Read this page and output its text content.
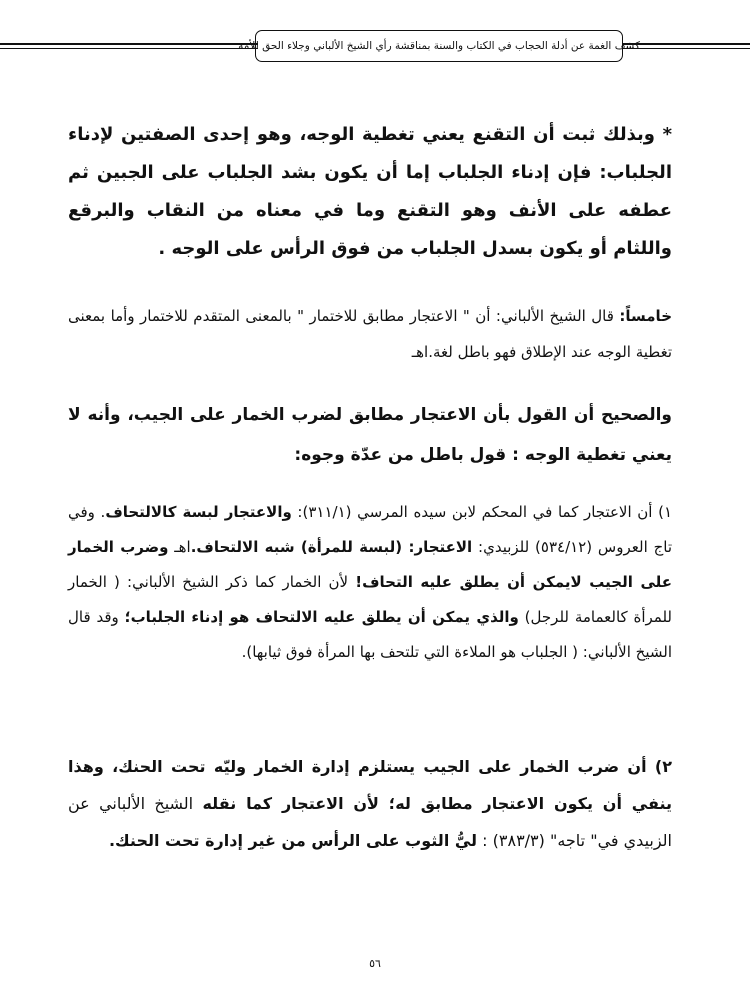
كشف الغمة عن أدلة الحجاب في الكتاب والسنة بمناقشة رأي الشيخ الألباني وجلاء الحق للأمة
* وبذلك ثبت أن التقنع يعني تغطية الوجه، وهو إحدى الصفتين لإدناء الجلباب: فإن إدناء الجلباب إما أن يكون بشد الجلباب على الجبين ثم عطفه على الأنف وهو التقنع وما في معناه من النقاب والبرقع واللثام أو يكون بسدل الجلباب من فوق الرأس على الوجه .
خامساً: قال الشيخ الألباني: أن " الاعتجار مطابق للاختمار " بالمعنى المتقدم للاختمار وأما بمعنى تغطية الوجه عند الإطلاق فهو باطل لغة.اهـ
والصحيح أن القول بأن الاعتجار مطابق لضرب الخمار على الجيب، وأنه لا يعني تغطية الوجه : قول باطل من عدّة وجوه:
١) أن الاعتجار كما في المحكم لابن سيده المرسي (٣١١/١): والاعتجار لبسة كالالتحاف. وفي تاج العروس (٥٣٤/١٢) للزبيدي: الاعتجار: (لبسة للمرأة) شبه الالتحاف.اهـ وضرب الخمار على الجيب لايمكن أن يطلق عليه التحاف! لأن الخمار كما ذكر الشيخ الألباني: ( الخمار للمرأة كالعمامة للرجل) والذي يمكن أن يطلق عليه الالتحاف هو إدناء الجلباب؛ وقد قال الشيخ الألباني: ( الجلباب هو الملاءة التي تلتحف بها المرأة فوق ثيابها).
٢) أن ضرب الخمار على الجيب يستلزم إدارة الخمار وليّه تحت الحنك، وهذا ينفي أن يكون الاعتجار مطابق له؛ لأن الاعتجار كما نقله الشيخ الألباني عن الزبيدي في" تاجه" (٣٨٣/٣) : ليُّ الثوب على الرأس من غير إدارة تحت الحنك.
٥٦
